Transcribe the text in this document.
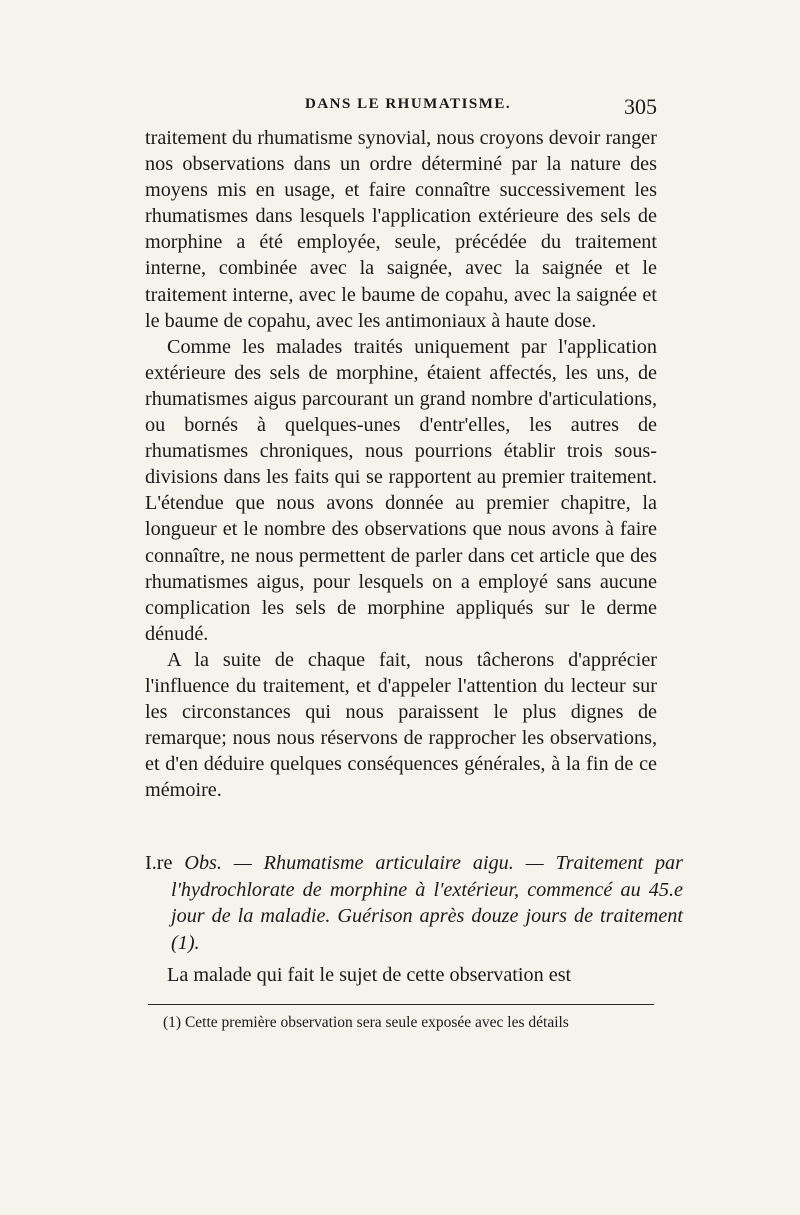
DANS LE RHUMATISME.	305

traitement du rhumatisme synovial, nous croyons devoir ranger nos observations dans un ordre déterminé par la nature des moyens mis en usage, et faire connaître successivement les rhumatismes dans lesquels l'application extérieure des sels de morphine a été employée, seule, précédée du traitement interne, combinée avec la saignée, avec la saignée et le traitement interne, avec le baume de copahu, avec la saignée et le baume de copahu, avec les antimoniaux à haute dose.

Comme les malades traités uniquement par l'application extérieure des sels de morphine, étaient affectés, les uns, de rhumatismes aigus parcourant un grand nombre d'articulations, ou bornés à quelques-unes d'entr'elles, les autres de rhumatismes chroniques, nous pourrions établir trois sous-divisions dans les faits qui se rapportent au premier traitement. L'étendue que nous avons donnée au premier chapitre, la longueur et le nombre des observations que nous avons à faire connaître, ne nous permettent de parler dans cet article que des rhumatismes aigus, pour lesquels on a employé sans aucune complication les sels de morphine appliqués sur le derme dénudé.

A la suite de chaque fait, nous tâcherons d'apprécier l'influence du traitement, et d'appeler l'attention du lecteur sur les circonstances qui nous paraissent le plus dignes de remarque; nous nous réservons de rapprocher les observations, et d'en déduire quelques conséquences générales, à la fin de ce mémoire.

I.re Obs. — Rhumatisme articulaire aigu. — Traitement par l'hydrochlorate de morphine à l'extérieur, commencé au 45.e jour de la maladie. Guérison après douze jours de traitement (1).
La malade qui fait le sujet de cette observation est
(1) Cette première observation sera seule exposée avec les détails
